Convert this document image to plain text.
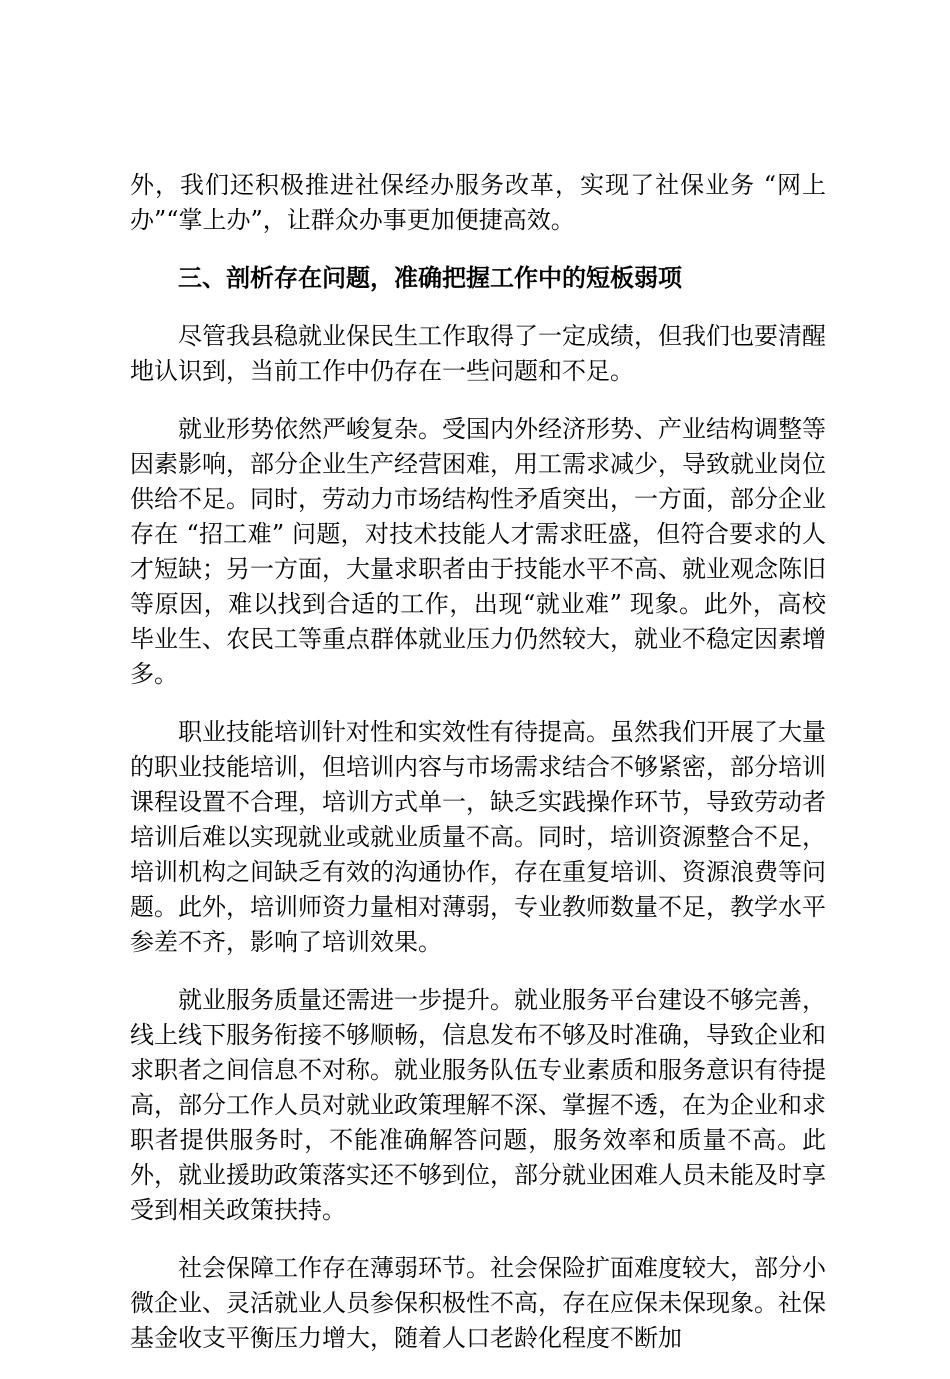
外，我们还积极推进社保经办服务改革，实现了社保业务 “网上办”“掌上办”，让群众办事更加便捷高效。

三、剖析存在问题，准确把握工作中的短板弱项

尽管我县稳就业保民生工作取得了一定成绩，但我们也要清醒地认识到，当前工作中仍存在一些问题和不足。

就业形势依然严峻复杂。受国内外经济形势、产业结构调整等因素影响，部分企业生产经营困难，用工需求减少，导致就业岗位供给不足。同时，劳动力市场结构性矛盾突出，一方面，部分企业存在 “招工难” 问题，对技术技能人才需求旺盛，但符合要求的人才短缺；另一方面，大量求职者由于技能水平不高、就业观念陈旧等原因，难以找到合适的工作，出现“就业难” 现象。此外，高校毕业生、农民工等重点群体就业压力仍然较大，就业不稳定因素增多。

职业技能培训针对性和实效性有待提高。虽然我们开展了大量的职业技能培训，但培训内容与市场需求结合不够紧密，部分培训课程设置不合理，培训方式单一，缺乏实践操作环节，导致劳动者培训后难以实现就业或就业质量不高。同时，培训资源整合不足，培训机构之间缺乏有效的沟通协作，存在重复培训、资源浪费等问题。此外，培训师资力量相对薄弱，专业教师数量不足，教学水平参差不齐，影响了培训效果。

就业服务质量还需进一步提升。就业服务平台建设不够完善，线上线下服务衔接不够顺畅，信息发布不够及时准确，导致企业和求职者之间信息不对称。就业服务队伍专业素质和服务意识有待提高，部分工作人员对就业政策理解不深、掌握不透，在为企业和求职者提供服务时，不能准确解答问题，服务效率和质量不高。此外，就业援助政策落实还不够到位，部分就业困难人员未能及时享受到相关政策扶持。

社会保障工作存在薄弱环节。社会保险扩面难度较大，部分小微企业、灵活就业人员参保积极性不高，存在应保未保现象。社保基金收支平衡压力增大，随着人口老龄化程度不断加
